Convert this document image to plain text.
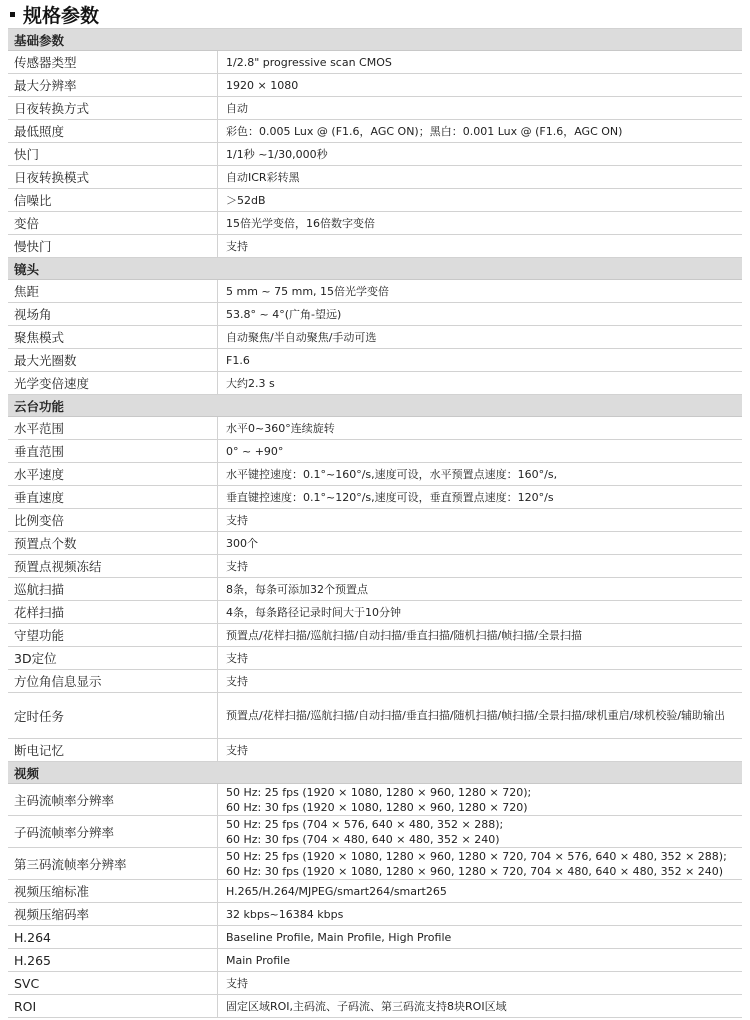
规格参数
基础参数
传感器类型	1/2.8" progressive scan CMOS
最大分辨率	1920 × 1080
日夜转换方式	自动
最低照度	彩色：0.005 Lux @ (F1.6，AGC ON)；黑白：0.001 Lux @ (F1.6，AGC ON)
快门	1/1秒 ~1/30,000秒
日夜转换模式	自动ICR彩转黑
信噪比	＞52dB
变倍	15倍光学变倍，16倍数字变倍
慢快门	支持
镜头
焦距	5 mm ~ 75 mm, 15倍光学变倍
视场角	53.8° ~ 4°(广角-望远)
聚焦模式	自动聚焦/半自动聚焦/手动可选
最大光圈数	F1.6
光学变倍速度	大约2.3 s
云台功能
水平范围	水平0~360°连续旋转
垂直范围	0° ~ +90°
水平速度	水平键控速度：0.1°~160°/s,速度可设，水平预置点速度：160°/s,
垂直速度	垂直键控速度：0.1°~120°/s,速度可设，垂直预置点速度：120°/s
比例变倍	支持
预置点个数	300个
预置点视频冻结	支持
巡航扫描	8条，每条可添加32个预置点
花样扫描	4条，每条路径记录时间大于10分钟
守望功能	预置点/花样扫描/巡航扫描/自动扫描/垂直扫描/随机扫描/帧扫描/全景扫描
3D定位	支持
方位角信息显示	支持
定时任务	预置点/花样扫描/巡航扫描/自动扫描/垂直扫描/随机扫描/帧扫描/全景扫描/球机重启/球机校验/辅助输出
断电记忆	支持
视频
主码流帧率分辨率
50 Hz: 25 fps (1920 × 1080, 1280 × 960, 1280 × 720);
60 Hz: 30 fps (1920 × 1080, 1280 × 960, 1280 × 720)
子码流帧率分辨率
50 Hz: 25 fps (704 × 576, 640 × 480, 352 × 288);
60 Hz: 30 fps (704 × 480, 640 × 480, 352 × 240)
第三码流帧率分辨率
50 Hz: 25 fps (1920 × 1080, 1280 × 960, 1280 × 720, 704 × 576, 640 × 480, 352 × 288);
60 Hz: 30 fps (1920 × 1080, 1280 × 960, 1280 × 720, 704 × 480, 640 × 480, 352 × 240)
视频压缩标准	H.265/H.264/MJPEG/smart264/smart265
视频压缩码率	32 kbps~16384 kbps
H.264	Baseline Profile, Main Profile, High Profile
H.265	Main Profile
SVC	支持
ROI	固定区域ROI,主码流、子码流、第三码流支持8块ROI区域
